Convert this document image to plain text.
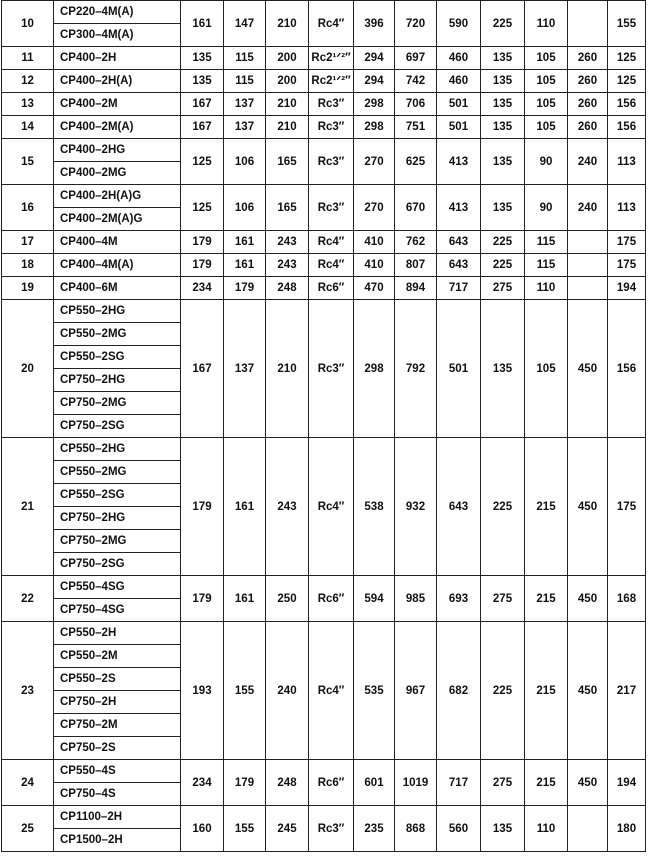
10	CP220–4M(A)	161	147	210	Rc4″	396	720	590	225	110		155
	CP300–4M(A)											
11	CP400–2H	135	115	200	Rc2¹ᐟ²″	294	697	460	135	105	260	125
12	CP400–2H(A)	135	115	200	Rc2¹ᐟ²″	294	742	460	135	105	260	125
13	CP400–2M	167	137	210	Rc3″	298	706	501	135	105	260	156
14	CP400–2M(A)	167	137	210	Rc3″	298	751	501	135	105	260	156
15	CP400–2HG	125	106	165	Rc3″	270	625	413	135	90	240	113
	CP400–2MG											
16	CP400–2H(A)G	125	106	165	Rc3″	270	670	413	135	90	240	113
	CP400–2M(A)G											
17	CP400–4M	179	161	243	Rc4″	410	762	643	225	115		175
18	CP400–4M(A)	179	161	243	Rc4″	410	807	643	225	115		175
19	CP400–6M	234	179	248	Rc6″	470	894	717	275	110		194
20	CP550–2HG	167	137	210	Rc3″	298	792	501	135	105	450	156
	CP550–2MG											
	CP550–2SG											
	CP750–2HG											
	CP750–2MG											
	CP750–2SG											
21	CP550–2HG	179	161	243	Rc4″	538	932	643	225	215	450	175
	CP550–2MG											
	CP550–2SG											
	CP750–2HG											
	CP750–2MG											
	CP750–2SG											
22	CP550–4SG	179	161	250	Rc6″	594	985	693	275	215	450	168
	CP750–4SG											
23	CP550–2H	193	155	240	Rc4″	535	967	682	225	215	450	217
	CP550–2M											
	CP550–2S											
	CP750–2H											
	CP750–2M											
	CP750–2S											
24	CP550–4S	234	179	248	Rc6″	601	1019	717	275	215	450	194
	CP750–4S											
25	CP1100–2H	160	155	245	Rc3″	235	868	560	135	110		180
	CP1500–2H											
